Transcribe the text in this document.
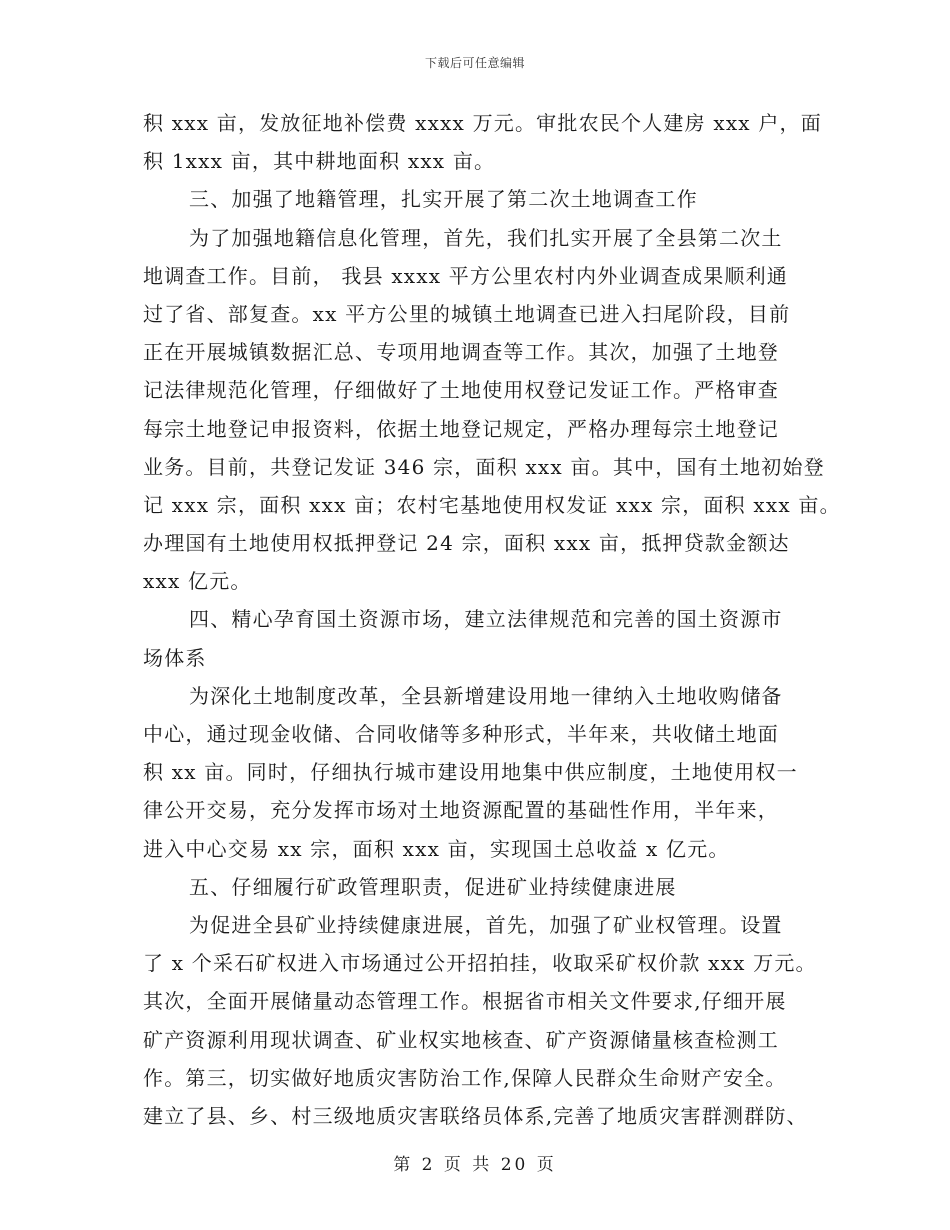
下载后可任意编辑
积 xxx 亩，发放征地补偿费 xxxx 万元。审批农民个人建房 xxx 户，面
积 1xxx 亩，其中耕地面积 xxx 亩。
三、加强了地籍管理，扎实开展了第二次土地调查工作
为了加强地籍信息化管理，首先，我们扎实开展了全县第二次土
地调查工作。目前， 我县 xxxx 平方公里农村内外业调查成果顺利通
过了省、部复查。xx 平方公里的城镇土地调查已进入扫尾阶段，目前
正在开展城镇数据汇总、专项用地调查等工作。其次，加强了土地登
记法律规范化管理，仔细做好了土地使用权登记发证工作。严格审查
每宗土地登记申报资料，依据土地登记规定，严格办理每宗土地登记
业务。目前，共登记发证 346 宗，面积 xxx 亩。其中，国有土地初始登
记 xxx 宗，面积 xxx 亩；农村宅基地使用权发证 xxx 宗，面积 xxx 亩。
办理国有土地使用权抵押登记 24 宗，面积 xxx 亩，抵押贷款金额达
xxx 亿元。
四、精心孕育国土资源市场，建立法律规范和完善的国土资源市
场体系
为深化土地制度改革，全县新增建设用地一律纳入土地收购储备
中心，通过现金收储、合同收储等多种形式，半年来，共收储土地面
积 xx 亩。同时，仔细执行城市建设用地集中供应制度，土地使用权一
律公开交易，充分发挥市场对土地资源配置的基础性作用，半年来，
进入中心交易 xx 宗，面积 xxx 亩，实现国土总收益 x 亿元。
五、仔细履行矿政管理职责，促进矿业持续健康进展
为促进全县矿业持续健康进展，首先，加强了矿业权管理。设置
了 x 个采石矿权进入市场通过公开招拍挂，收取采矿权价款 xxx 万元。
其次，全面开展储量动态管理工作。根据省市相关文件要求,仔细开展
矿产资源利用现状调查、矿业权实地核查、矿产资源储量核查检测工
作。第三，切实做好地质灾害防治工作,保障人民群众生命财产安全。
建立了县、乡、村三级地质灾害联络员体系,完善了地质灾害群测群防、
第 2 页 共 20 页
